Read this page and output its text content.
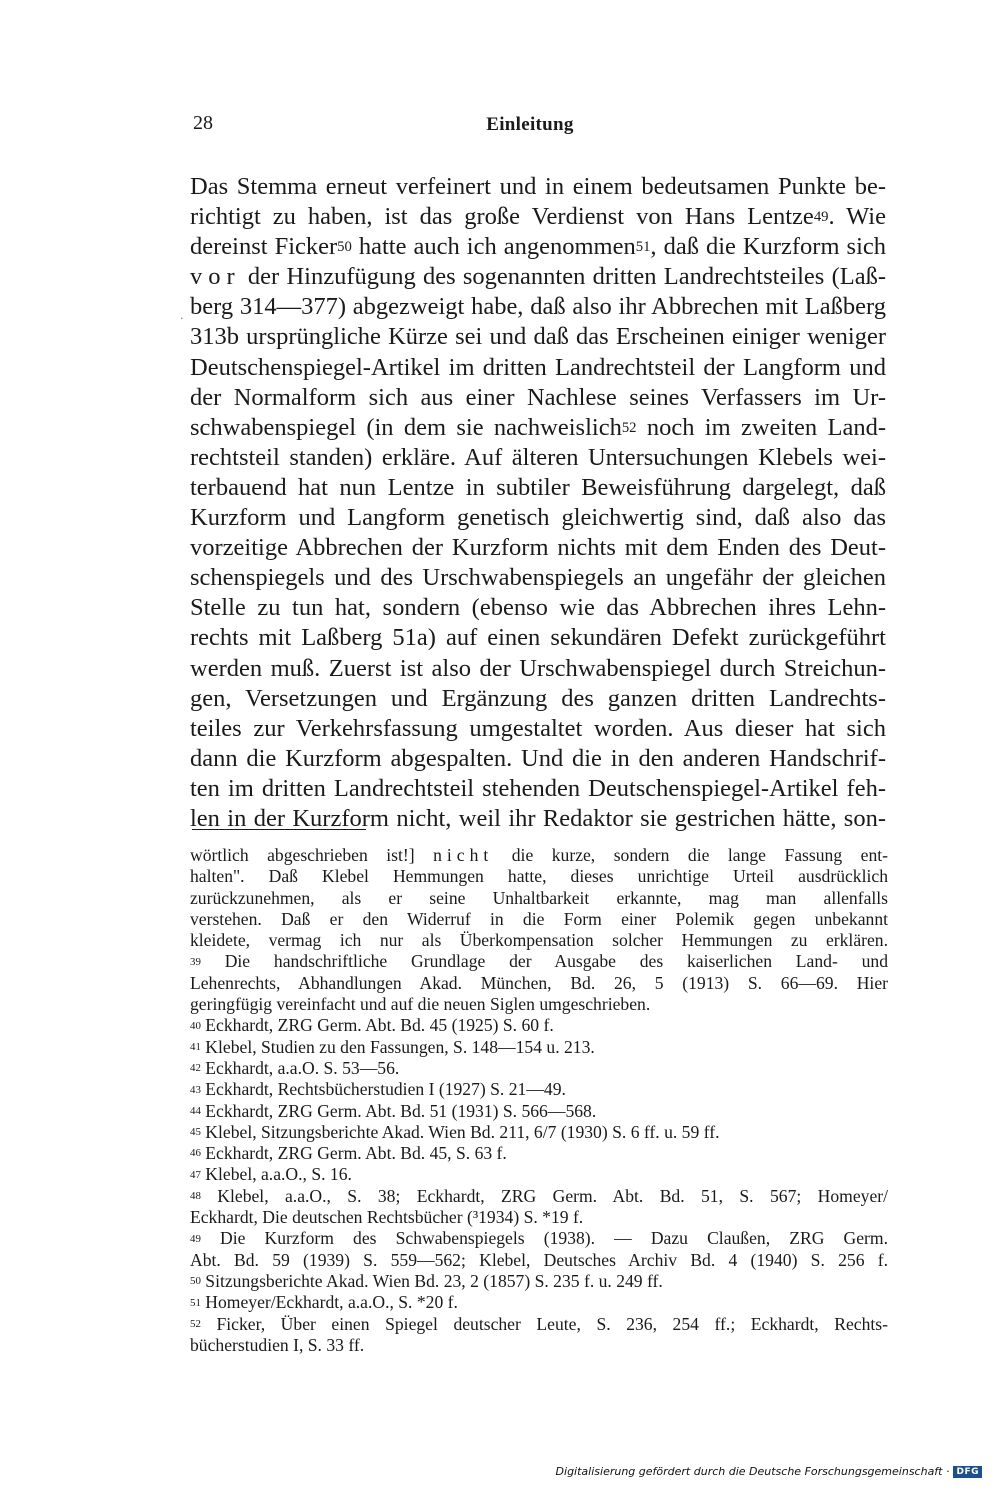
28	Einleitung
·
Das Stemma erneut verfeinert und in einem bedeutsamen Punkte be-
richtigt zu haben, ist das große Verdienst von Hans Lentze$^{49}$. Wie
dereinst Ficker$^{50}$ hatte auch ich angenommen$^{51}$, daß die Kurzform sich
vor der Hinzufügung des sogenannten dritten Landrechtsteiles (Laß-
berg 314—377) abgezweigt habe, daß also ihr Abbrechen mit Laßberg
313b ursprüngliche Kürze sei und daß das Erscheinen einiger weniger
Deutschenspiegel-Artikel im dritten Landrechtsteil der Langform und
der Normalform sich aus einer Nachlese seines Verfassers im Ur-
schwabenspiegel (in dem sie nachweislich$^{52}$ noch im zweiten Land-
rechtsteil standen) erkläre. Auf älteren Untersuchungen Klebels wei-
terbauend hat nun Lentze in subtiler Beweisführung dargelegt, daß
Kurzform und Langform genetisch gleichwertig sind, daß also das
vorzeitige Abbrechen der Kurzform nichts mit dem Enden des Deut-
schenspiegels und des Urschwabenspiegels an ungefähr der gleichen
Stelle zu tun hat, sondern (ebenso wie das Abbrechen ihres Lehn-
rechts mit Laßberg 51a) auf einen sekundären Defekt zurückgeführt
werden muß. Zuerst ist also der Urschwabenspiegel durch Streichun-
gen, Versetzungen und Ergänzung des ganzen dritten Landrechts-
teiles zur Verkehrsfassung umgestaltet worden. Aus dieser hat sich
dann die Kurzform abgespalten. Und die in den anderen Handschrif-
ten im dritten Landrechtsteil stehenden Deutschenspiegel-Artikel feh-
len in der Kurzform nicht, weil ihr Redaktor sie gestrichen hätte, son-
wörtlich abgeschrieben ist!] nicht die kurze, sondern die lange Fassung ent-
halten". Daß Klebel Hemmungen hatte, dieses unrichtige Urteil ausdrücklich
zurückzunehmen, als er seine Unhaltbarkeit erkannte, mag man allenfalls
verstehen. Daß er den Widerruf in die Form einer Polemik gegen unbekannt
kleidete, vermag ich nur als Überkompensation solcher Hemmungen zu erklären.
$^{39}$ Die handschriftliche Grundlage der Ausgabe des kaiserlichen Land- und
Lehenrechts, Abhandlungen Akad. München, Bd. 26, 5 (1913) S. 66—69. Hier
geringfügig vereinfacht und auf die neuen Siglen umgeschrieben.
$^{40}$ Eckhardt, ZRG Germ. Abt. Bd. 45 (1925) S. 60 f.
$^{41}$ Klebel, Studien zu den Fassungen, S. 148—154 u. 213.
$^{42}$ Eckhardt, a.a.O. S. 53—56.
$^{43}$ Eckhardt, Rechtsbücherstudien I (1927) S. 21—49.
$^{44}$ Eckhardt, ZRG Germ. Abt. Bd. 51 (1931) S. 566—568.
$^{45}$ Klebel, Sitzungsberichte Akad. Wien Bd. 211, 6/7 (1930) S. 6 ff. u. 59 ff.
$^{46}$ Eckhardt, ZRG Germ. Abt. Bd. 45, S. 63 f.
$^{47}$ Klebel, a.a.O., S. 16.
$^{48}$ Klebel, a.a.O., S. 38; Eckhardt, ZRG Germ. Abt. Bd. 51, S. 567; Homeyer/
Eckhardt, Die deutschen Rechtsbücher (³1934) S. *19 f.
$^{49}$ Die Kurzform des Schwabenspiegels (1938). — Dazu Claußen, ZRG Germ.
Abt. Bd. 59 (1939) S. 559—562; Klebel, Deutsches Archiv Bd. 4 (1940) S. 256 f.
$^{50}$ Sitzungsberichte Akad. Wien Bd. 23, 2 (1857) S. 235 f. u. 249 ff.
$^{51}$ Homeyer/Eckhardt, a.a.O., S. *20 f.
$^{52}$ Ficker, Über einen Spiegel deutscher Leute, S. 236, 254 ff.; Eckhardt, Rechts-
bücherstudien I, S. 33 ff.
Digitalisierung gefördert durch die Deutsche Forschungsgemeinschaft · DFG
